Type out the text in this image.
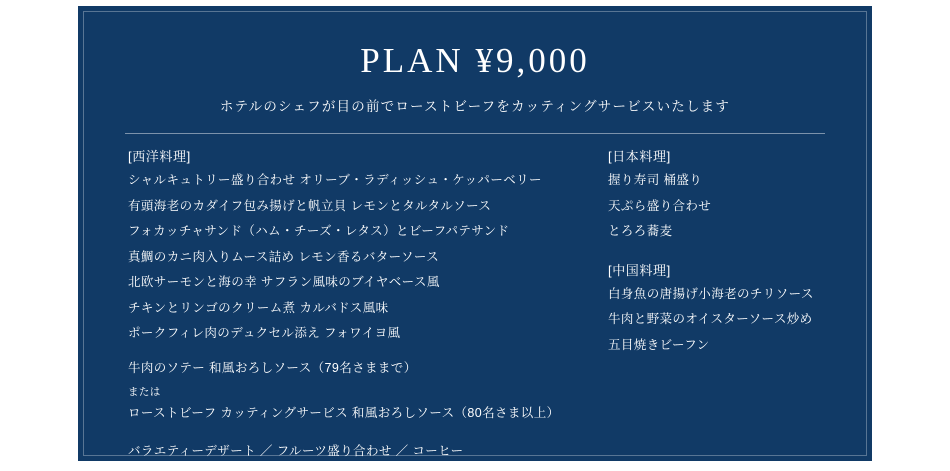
PLAN ¥9,000

ホテルのシェフが目の前でローストビーフをカッティングサービスいたします

[西洋料理]
シャルキュトリー盛り合わせ オリーブ・ラディッシュ・ケッパーベリー
有頭海老のカダイフ包み揚げと帆立貝 レモンとタルタルソース
フォカッチャサンド（ハム・チーズ・レタス）とビーフパテサンド
真鯛のカニ肉入りムース詰め レモン香るバターソース
北欧サーモンと海の幸 サフラン風味のブイヤベース風
チキンとリンゴのクリーム煮 カルバドス風味
ポークフィレ肉のデュクセル添え フォワイヨ風
牛肉のソテー 和風おろしソース（79名さままで）
または
ローストビーフ カッティングサービス 和風おろしソース（80名さま以上）
バラエティーデザート ／ フルーツ盛り合わせ ／ コーヒー
[日本料理]
握り寿司 桶盛り
天ぷら盛り合わせ
とろろ蕎麦
[中国料理]
白身魚の唐揚げ小海老のチリソース
牛肉と野菜のオイスターソース炒め
五目焼きビーフン
